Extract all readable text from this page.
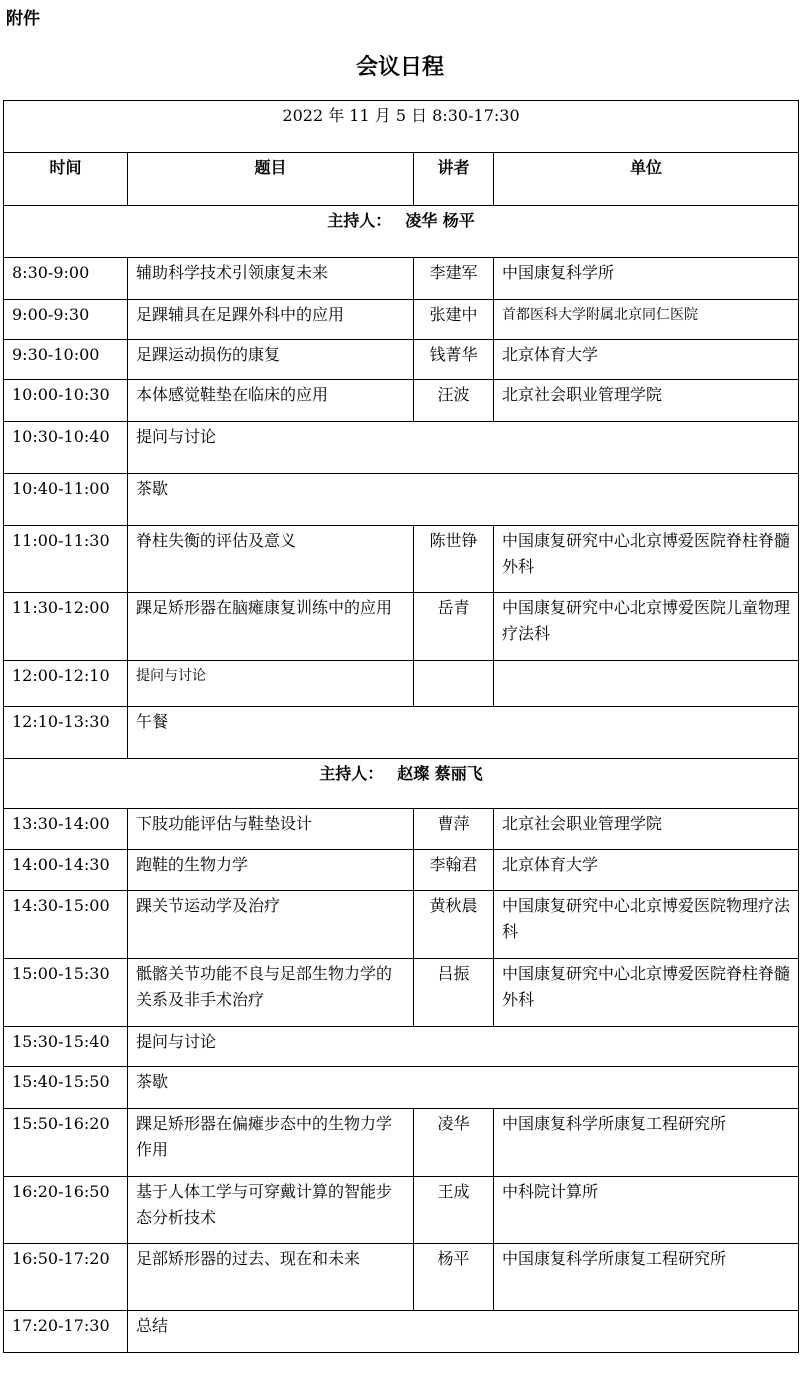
附件
会议日程
2022 年 11 月 5 日 8:30-17:30			
时间	题目	讲者	单位
主持人： 凌华 杨平			
8:30-9:00	辅助科学技术引领康复未来	李建军	中国康复科学所
9:00-9:30	足踝辅具在足踝外科中的应用	张建中	首都医科大学附属北京同仁医院
9:30-10:00	足踝运动损伤的康复	钱菁华	北京体育大学
10:00-10:30	本体感觉鞋垫在临床的应用	汪波	北京社会职业管理学院
10:30-10:40	提问与讨论		
10:40-11:00	茶歇		
11:00-11:30	脊柱失衡的评估及意义	陈世铮	中国康复研究中心北京博爱医院脊柱脊髓外科
11:30-12:00	踝足矫形器在脑瘫康复训练中的应用	岳青	中国康复研究中心北京博爱医院儿童物理疗法科
12:00-12:10	提问与讨论		
12:10-13:30	午餐		
主持人： 赵璨 蔡丽飞			
13:30-14:00	下肢功能评估与鞋垫设计	曹萍	北京社会职业管理学院
14:00-14:30	跑鞋的生物力学	李翰君	北京体育大学
14:30-15:00	踝关节运动学及治疗	黄秋晨	中国康复研究中心北京博爱医院物理疗法科
15:00-15:30	骶髂关节功能不良与足部生物力学的关系及非手术治疗	吕振	中国康复研究中心北京博爱医院脊柱脊髓外科
15:30-15:40	提问与讨论		
15:40-15:50	茶歇		
15:50-16:20	踝足矫形器在偏瘫步态中的生物力学作用	凌华	中国康复科学所康复工程研究所
16:20-16:50	基于人体工学与可穿戴计算的智能步态分析技术	王成	中科院计算所
16:50-17:20	足部矫形器的过去、现在和未来	杨平	中国康复科学所康复工程研究所
17:20-17:30	总结		
